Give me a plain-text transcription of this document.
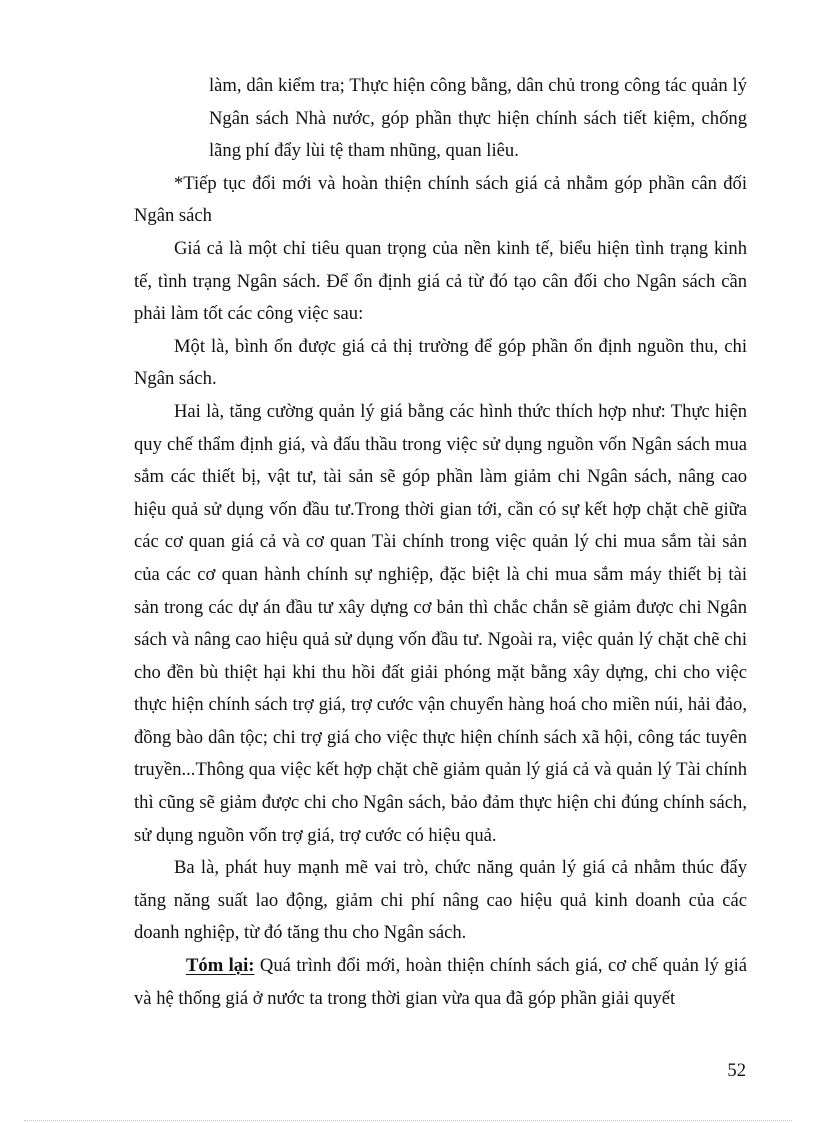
làm, dân kiểm tra; Thực hiện công bằng, dân chủ trong công tác quản lý Ngân sách Nhà nước, góp phần thực hiện chính sách tiết kiệm, chống lãng phí đẩy lùi tệ tham nhũng, quan liêu.

*Tiếp tục đổi mới và hoàn thiện chính sách giá cả nhằm góp phần cân đối Ngân sách

Giá cả là một chỉ tiêu quan trọng của nền kinh tế, biểu hiện tình trạng kinh tế, tình trạng Ngân sách. Để ổn định giá cả từ đó tạo cân đối cho Ngân sách cần phải làm tốt các công việc sau:

Một là, bình ổn được giá cả thị trường để góp phần ổn định nguồn thu, chi Ngân sách.

Hai là, tăng cường quản lý giá bằng các hình thức thích hợp như: Thực hiện quy chế thẩm định giá, và đấu thầu trong việc sử dụng nguồn vốn Ngân sách mua sắm các thiết bị, vật tư, tài sản sẽ góp phần làm giảm chi Ngân sách, nâng cao hiệu quả sử dụng vốn đầu tư.Trong thời gian tới, cần có sự kết hợp chặt chẽ giữa các cơ quan giá cả và cơ quan Tài chính trong việc quản lý chi mua sắm tài sản của các cơ quan hành chính sự nghiệp, đặc biệt là chi mua sắm máy thiết bị tài sản trong các dự án đầu tư xây dựng cơ bản thì chắc chắn sẽ giảm được chi Ngân sách và nâng cao hiệu quả sử dụng vốn đầu tư. Ngoài ra, việc quản lý chặt chẽ chi cho đền bù thiệt hại khi thu hồi đất giải phóng mặt bằng xây dựng, chi cho việc thực hiện chính sách trợ giá, trợ cước vận chuyển hàng hoá cho miền núi, hải đảo, đồng bào dân tộc; chi trợ giá cho việc thực hiện chính sách xã hội, công tác tuyên truyền...Thông qua việc kết hợp chặt chẽ giảm quản lý giá cả và quản lý Tài chính thì cũng sẽ giảm được chi cho Ngân sách, bảo đảm thực hiện chi đúng chính sách, sử dụng nguồn vốn trợ giá, trợ cước có hiệu quả.

Ba là, phát huy mạnh mẽ vai trò, chức năng quản lý giá cả nhằm thúc đẩy tăng năng suất lao động, giảm chi phí nâng cao hiệu quả kinh doanh của các doanh nghiệp, từ đó tăng thu cho Ngân sách.

Tóm lại: Quá trình đổi mới, hoàn thiện chính sách giá, cơ chế quản lý giá và hệ thống giá ở nước ta trong thời gian vừa qua đã góp phần giải quyết

52
